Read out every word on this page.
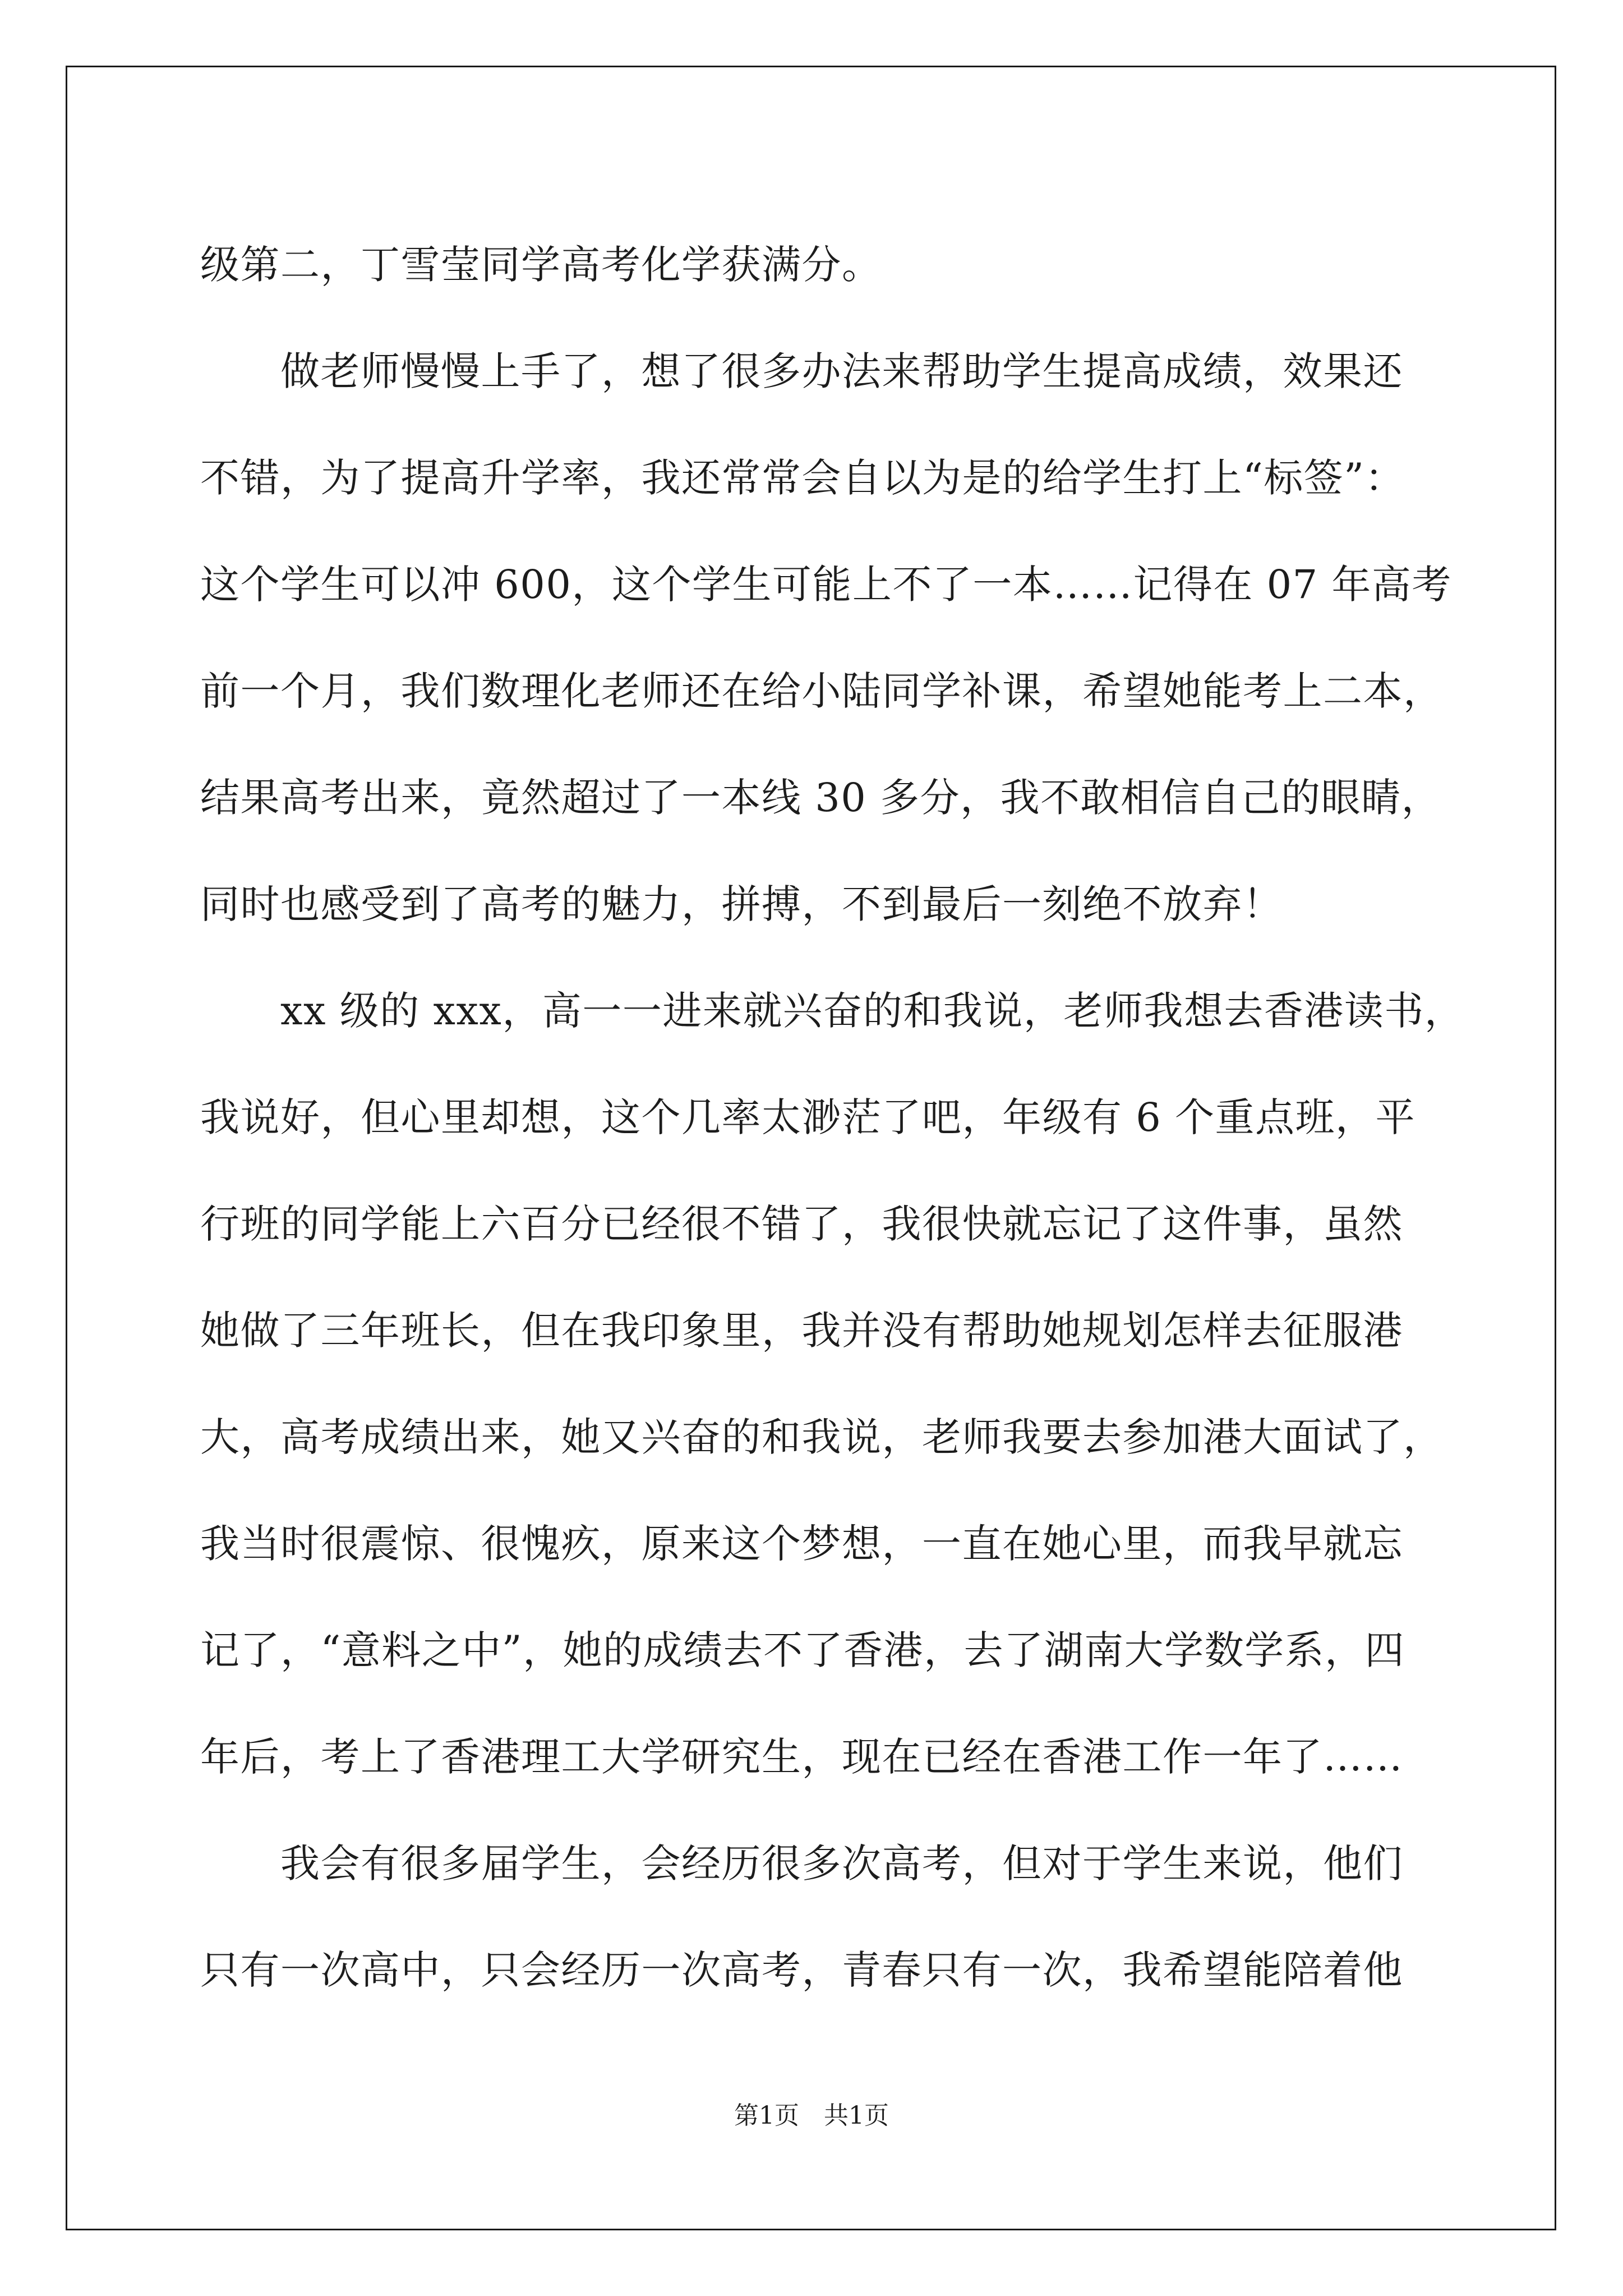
级第二，丁雪莹同学高考化学获满分。
　　做老师慢慢上手了，想了很多办法来帮助学生提高成绩，效果还
不错，为了提高升学率，我还常常会自以为是的给学生打上“标签”：
这个学生可以冲 600，这个学生可能上不了一本……记得在 07 年高考
前一个月，我们数理化老师还在给小陆同学补课，希望她能考上二本，
结果高考出来，竟然超过了一本线 30 多分，我不敢相信自己的眼睛，
同时也感受到了高考的魅力，拼搏，不到最后一刻绝不放弃！
　　xx 级的 xxx，高一一进来就兴奋的和我说，老师我想去香港读书，
我说好，但心里却想，这个几率太渺茫了吧，年级有 6 个重点班，平
行班的同学能上六百分已经很不错了，我很快就忘记了这件事，虽然
她做了三年班长，但在我印象里，我并没有帮助她规划怎样去征服港
大，高考成绩出来，她又兴奋的和我说，老师我要去参加港大面试了，
我当时很震惊、很愧疚，原来这个梦想，一直在她心里，而我早就忘
记了，“意料之中”，她的成绩去不了香港，去了湖南大学数学系，四
年后，考上了香港理工大学研究生，现在已经在香港工作一年了……
　　我会有很多届学生，会经历很多次高考，但对于学生来说，他们
只有一次高中，只会经历一次高考，青春只有一次，我希望能陪着他
第1页　共1页
